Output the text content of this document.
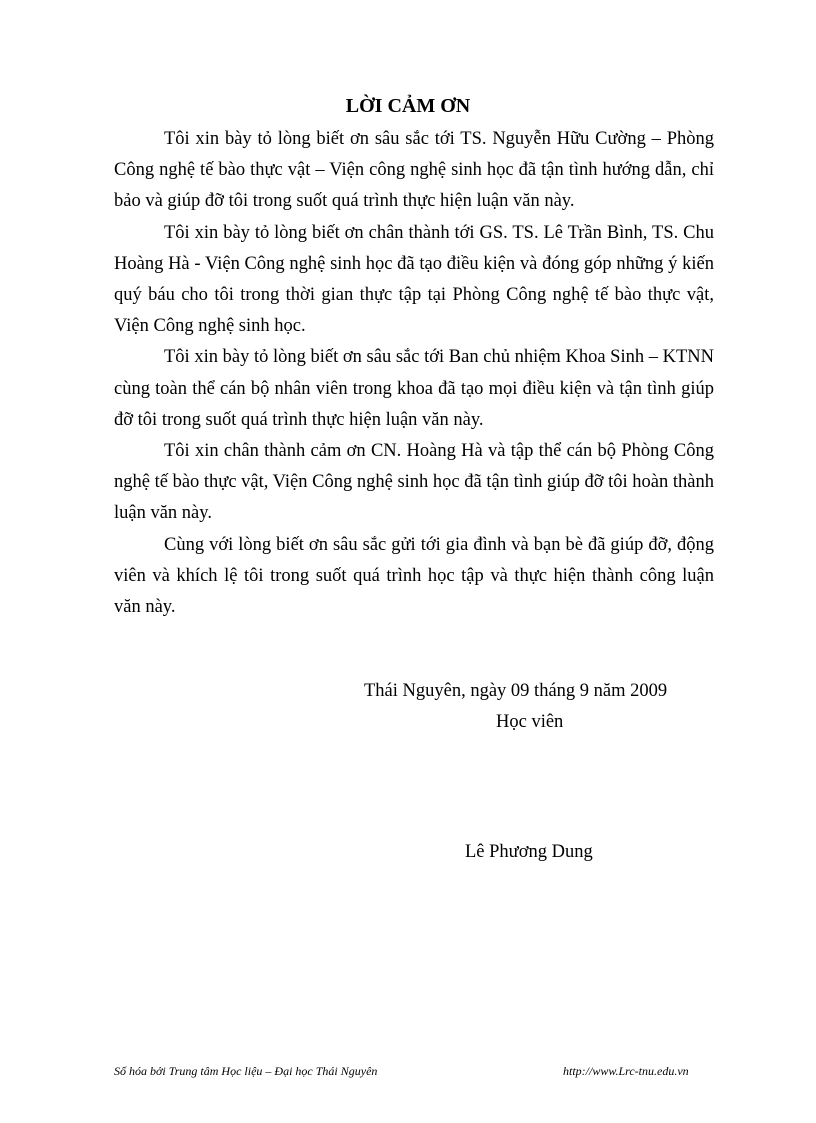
LỜI CẢM ƠN

Tôi xin bày tỏ lòng biết ơn sâu sắc tới TS. Nguyễn Hữu Cường – Phòng Công nghệ tế bào thực vật – Viện công nghệ sinh học đã tận tình hướng dẫn, chỉ bảo và giúp đỡ tôi trong suốt quá trình thực hiện luận văn này.

Tôi xin bày tỏ lòng biết ơn chân thành tới GS. TS. Lê Trần Bình, TS. Chu Hoàng Hà - Viện Công nghệ sinh học đã tạo điều kiện và đóng góp những ý kiến quý báu cho tôi trong thời gian thực tập tại Phòng Công nghệ tế bào thực vật, Viện Công nghệ sinh học.

Tôi xin bày tỏ lòng biết ơn sâu sắc tới Ban chủ nhiệm Khoa Sinh – KTNN cùng toàn thể cán bộ nhân viên trong khoa đã tạo mọi điều kiện và tận tình giúp đỡ tôi trong suốt quá trình thực hiện luận văn này.

Tôi xin chân thành cảm ơn CN. Hoàng Hà và tập thể cán bộ Phòng Công nghệ tế bào thực vật, Viện Công nghệ sinh học đã tận tình giúp đỡ tôi hoàn thành luận văn này.

Cùng với lòng biết ơn sâu sắc gửi tới gia đình và bạn bè đã giúp đỡ, động viên và khích lệ tôi trong suốt quá trình học tập và thực hiện thành công luận văn này.

Thái Nguyên, ngày 09 tháng 9 năm 2009
Học viên
Lê Phương Dung
Số hóa bởi Trung tâm Học liệu – Đại học Thái Nguyên	http://www.Lrc-tnu.edu.vn
